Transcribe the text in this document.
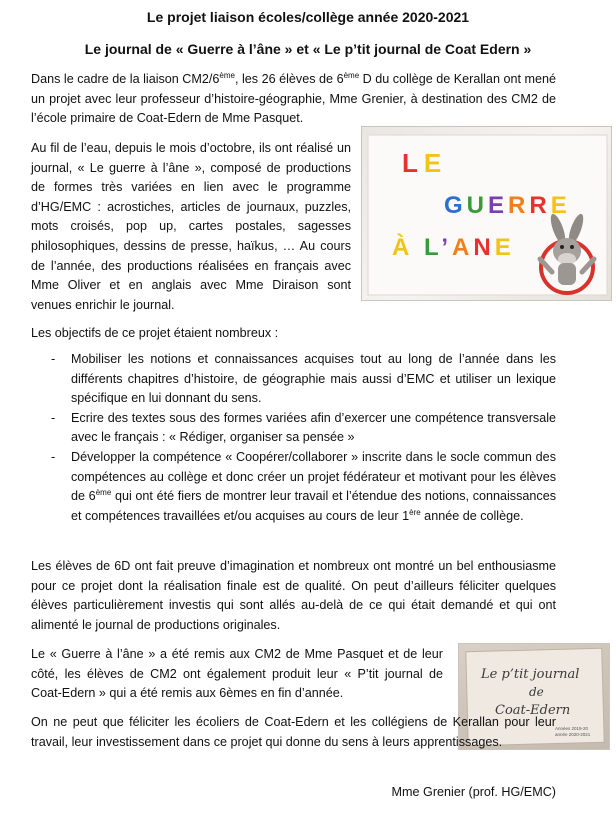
Le projet liaison écoles/collège année 2020-2021

Le journal de « Guerre à l’âne » et « Le p’tit journal de Coat Edern »

Dans le cadre de la liaison CM2/6ème, les 26 élèves de 6ème D du collège de Kerallan ont mené un projet avec leur professeur d’histoire-géographie, Mme Grenier, à destination des CM2 de l’école primaire de Coat-Edern de Mme Pasquet.

Au fil de l’eau, depuis le mois d’octobre, ils ont réalisé un journal, « Le guerre à l’âne », composé de productions de formes très variées en lien avec le programme d’HG/EMC : acrostiches, articles de journaux, puzzles, mots croisés, pop up, cartes postales, sagesses philosophiques, dessins de presse, haïkus, … Au cours de l’année, des productions réalisées en français avec Mme Oliver et en anglais avec Mme Diraison sont venues enrichir le journal.

LE
GUERRE
À L’ANE

Les objectifs de ce projet étaient nombreux :

- Mobiliser les notions et connaissances acquises tout au long de l’année dans les différents chapitres d’histoire, de géographie mais aussi d’EMC et utiliser un lexique spécifique en lui donnant du sens.
- Ecrire des textes sous des formes variées afin d’exercer une compétence transversale avec le français : « Rédiger, organiser sa pensée »
- Développer la compétence « Coopérer/collaborer » inscrite dans le socle commun des compétences au collège et donc créer un projet fédérateur et motivant pour les élèves de 6ème qui ont été fiers de montrer leur travail et l’étendue des notions, connaissances et compétences travaillées et/ou acquises au cours de leur 1ère année de collège.

Les élèves de 6D ont fait preuve d’imagination et nombreux ont montré un bel enthousiasme pour ce projet dont la réalisation finale est de qualité. On peut d’ailleurs féliciter quelques élèves particulièrement investis qui sont allés au-delà de ce qui était demandé et qui ont alimenté le journal de productions originales.

Le « Guerre à l’âne » a été remis aux CM2 de Mme Pasquet et de leur côté, les élèves de CM2 ont également produit leur « P’tit journal de Coat-Edern » qui a été remis aux 6èmes en fin d’année.

Le p’tit journal
de
Coat-Edern
Années 2019-20
année 2020-2021

On ne peut que féliciter les écoliers de Coat-Edern et les collégiens de Kerallan pour leur travail, leur investissement dans ce projet qui donne du sens à leurs apprentissages.

Mme Grenier (prof. HG/EMC)
